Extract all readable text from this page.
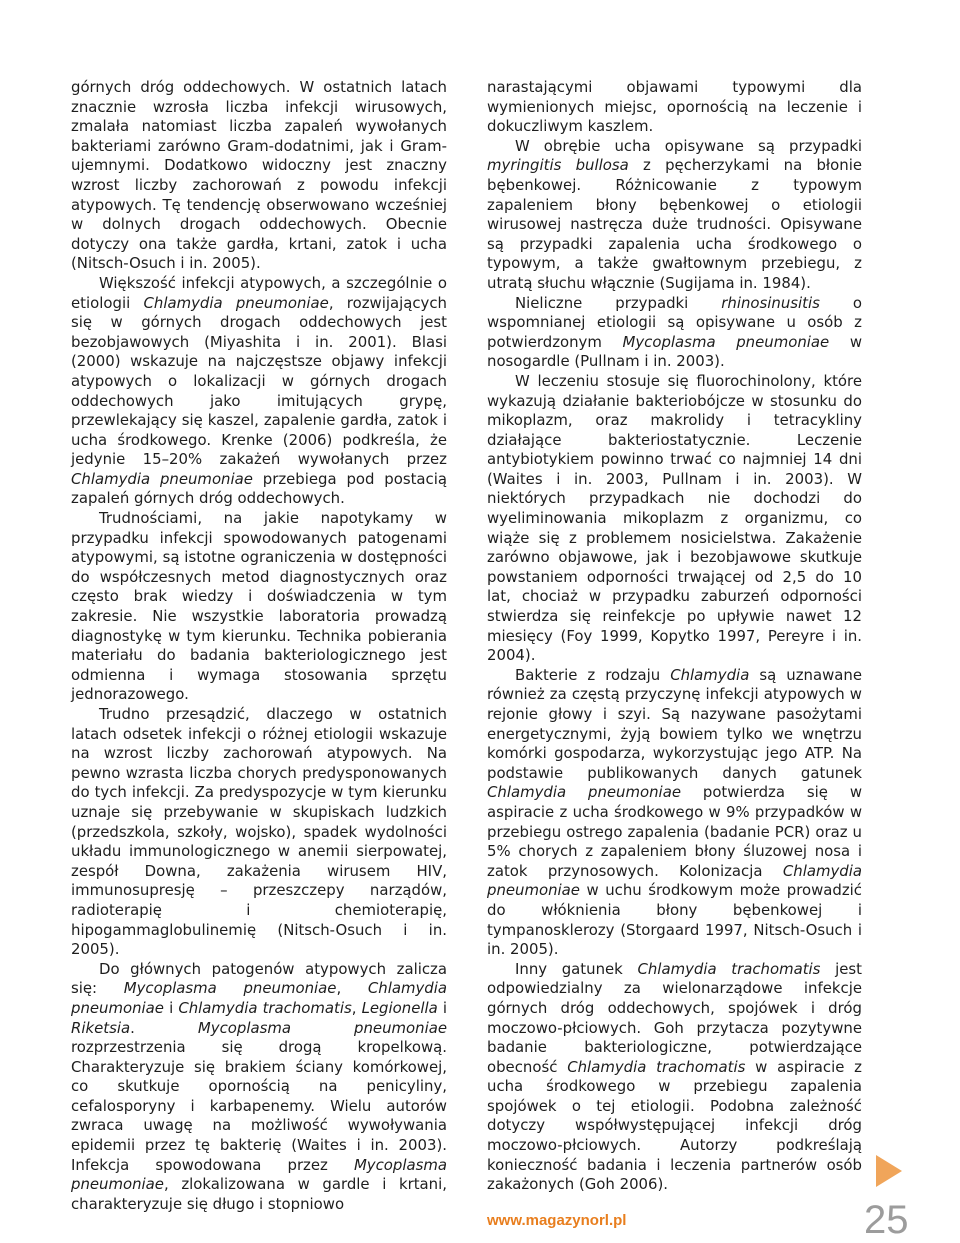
górnych dróg oddechowych. W ostatnich latach znacznie wzrosła liczba infekcji wirusowych, zmalała natomiast liczba zapaleń wywołanych bakteriami zarówno Gram-dodatnimi, jak i Gram-ujemnymi. Dodatkowo widoczny jest znaczny wzrost liczby zachorowań z powodu infekcji atypowych. Tę tendencję obserwowano wcześniej w dolnych drogach oddechowych. Obecnie dotyczy ona także gardła, krtani, zatok i ucha (Nitsch-Osuch i in. 2005).

Większość infekcji atypowych, a szczególnie o etiologii Chlamydia pneumoniae, rozwijających się w górnych drogach oddechowych jest bezobjawowych (Miyashita i in. 2001). Blasi (2000) wskazuje na najczęstsze objawy infekcji atypowych o lokalizacji w górnych drogach oddechowych jako imitujących grypę, przewlekający się kaszel, zapalenie gardła, zatok i ucha środkowego. Krenke (2006) podkreśla, że jedynie 15–20% zakażeń wywołanych przez Chlamydia pneumoniae przebiega pod postacią zapaleń górnych dróg oddechowych.

Trudnościami, na jakie napotykamy w przypadku infekcji spowodowanych patogenami atypowymi, są istotne ograniczenia w dostępności do współczesnych metod diagnostycznych oraz często brak wiedzy i doświadczenia w tym zakresie. Nie wszystkie laboratoria prowadzą diagnostykę w tym kierunku. Technika pobierania materiału do badania bakteriologicznego jest odmienna i wymaga stosowania sprzętu jednorazowego.

Trudno przesądzić, dlaczego w ostatnich latach odsetek infekcji o różnej etiologii wskazuje na wzrost liczby zachorowań atypowych. Na pewno wzrasta liczba chorych predysponowanych do tych infekcji. Za predyspozycje w tym kierunku uznaje się przebywanie w skupiskach ludzkich (przedszkola, szkoły, wojsko), spadek wydolności układu immunologicznego w anemii sierpowatej, zespół Downa, zakażenia wirusem HIV, immunosupresję – przeszczepy narządów, radioterapię i chemioterapię, hipogammaglobulinemię (Nitsch-Osuch i in. 2005).

Do głównych patogenów atypowych zalicza się: Mycoplasma pneumoniae, Chlamydia pneumoniae i Chlamydia trachomatis, Legionella i Riketsia. Mycoplasma pneumoniae rozprzestrzenia się drogą kropelkową. Charakteryzuje się brakiem ściany komórkowej, co skutkuje opornością na penicyliny, cefalosporyny i karbapenemy. Wielu autorów zwraca uwagę na możliwość wywoływania epidemii przez tę bakterię (Waites i in. 2003). Infekcja spowodowana przez Mycoplasma pneumoniae, zlokalizowana w gardle i krtani, charakteryzuje się długo i stopniowo

narastającymi objawami typowymi dla wymienionych miejsc, opornością na leczenie i dokuczliwym kaszlem.

W obrębie ucha opisywane są przypadki myringitis bullosa z pęcherzykami na błonie bębenkowej. Różnicowanie z typowym zapaleniem błony bębenkowej o etiologii wirusowej nastręcza duże trudności. Opisywane są przypadki zapalenia ucha środkowego o typowym, a także gwałtownym przebiegu, z utratą słuchu włącznie (Sugijama in. 1984).

Nieliczne przypadki rhinosinusitis o wspomnianej etiologii są opisywane u osób z potwierdzonym Mycoplasma pneumoniae w nosogardle (Pullnam i in. 2003).

W leczeniu stosuje się fluorochinolony, które wykazują działanie bakteriobójcze w stosunku do mikoplazm, oraz makrolidy i tetracykliny działające bakteriostatycznie. Leczenie antybiotykiem powinno trwać co najmniej 14 dni (Waites i in. 2003, Pullnam i in. 2003). W niektórych przypadkach nie dochodzi do wyeliminowania mikoplazm z organizmu, co wiąże się z problemem nosicielstwa. Zakażenie zarówno objawowe, jak i bezobjawowe skutkuje powstaniem odporności trwającej od 2,5 do 10 lat, chociaż w przypadku zaburzeń odporności stwierdza się reinfekcje po upływie nawet 12 miesięcy (Foy 1999, Kopytko 1997, Pereyre i in. 2004).

Bakterie z rodzaju Chlamydia są uznawane również za częstą przyczynę infekcji atypowych w rejonie głowy i szyi. Są nazywane pasożytami energetycznymi, żyją bowiem tylko we wnętrzu komórki gospodarza, wykorzystując jego ATP. Na podstawie publikowanych danych gatunek Chlamydia pneumoniae potwierdza się w aspiracie z ucha środkowego w 9% przypadków w przebiegu ostrego zapalenia (badanie PCR) oraz u 5% chorych z zapaleniem błony śluzowej nosa i zatok przynosowych. Kolonizacja Chlamydia pneumoniae w uchu środkowym może prowadzić do włóknienia błony bębenkowej i tympanosklerozy (Storgaard 1997, Nitsch-Osuch i in. 2005).

Inny gatunek Chlamydia trachomatis jest odpowiedzialny za wielonarządowe infekcje górnych dróg oddechowych, spojówek i dróg moczowo-płciowych. Goh przytacza pozytywne badanie bakteriologiczne, potwierdzające obecność Chlamydia trachomatis w aspiracie z ucha środkowego w przebiegu zapalenia spojówek o tej etiologii. Podobna zależność dotyczy współwystępującej infekcji dróg moczowo-płciowych. Autorzy podkreślają konieczność badania i leczenia partnerów osób zakażonych (Goh 2006).

www.magazynorl.pl	25
